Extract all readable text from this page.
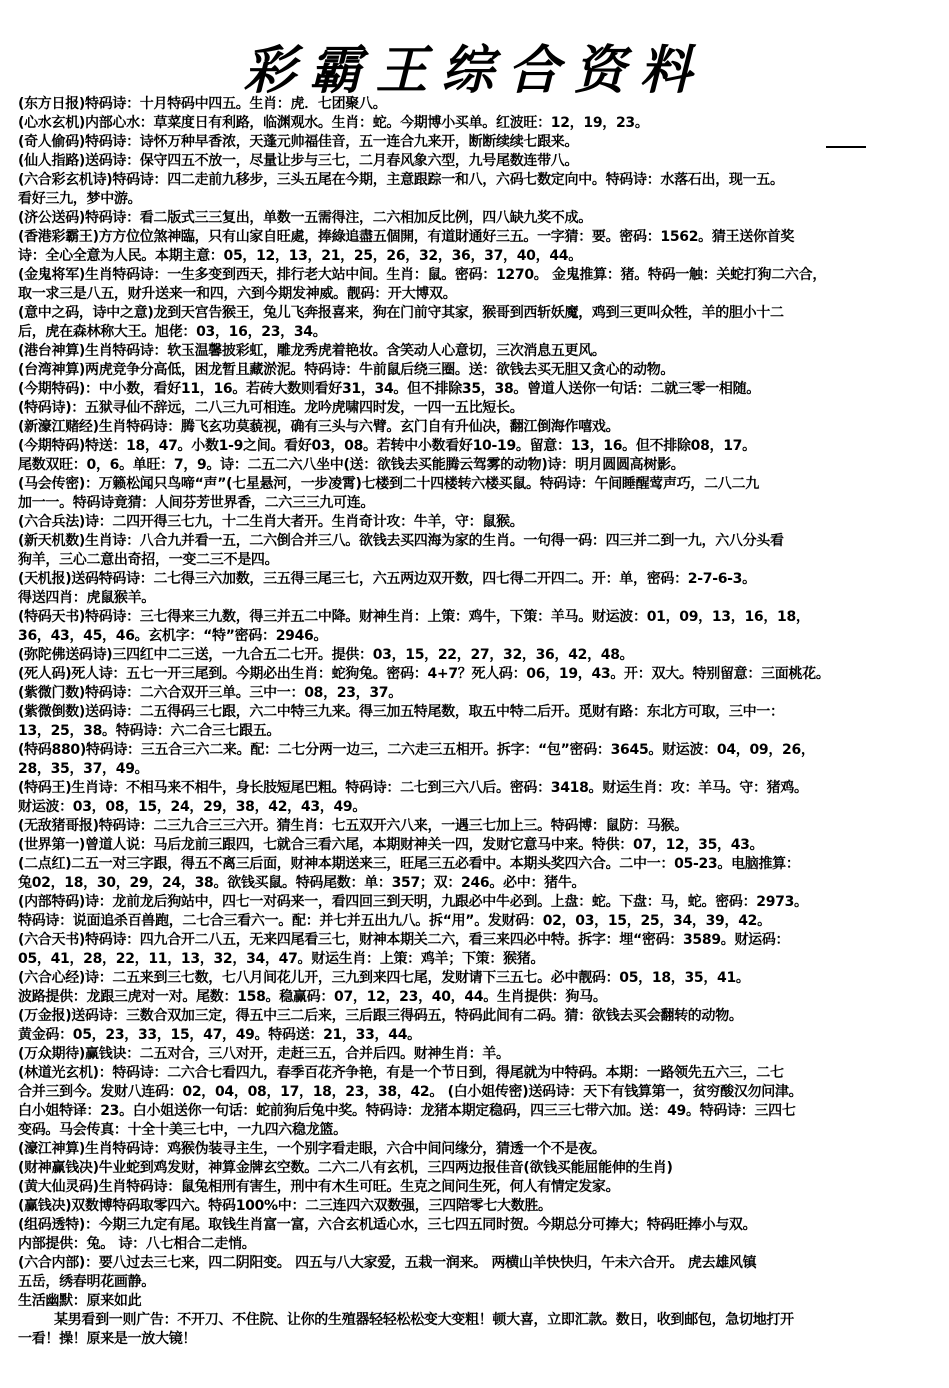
彩霸王综合资料
(东方日报)特码诗：十月特码中四五。生肖：虎．七团聚八。
(心水玄机)内部心水：草菜度日有利路，临渊观水。生肖：蛇。今期博小买单。红波旺：12，19，23。
(奇人偷码)特码诗：诗怀万种早香浓，天蓬元帅福佳音，五一连合九来开，断断续续七跟来。
(仙人指路)送码诗：保守四五不放一，尽量让步与三七，二月春风象六型，九号尾数连带八。
(六合彩玄机诗)特码诗：四二走前九移步，三头五尾在今期，主意跟踪一和八，六码七数定向中。特码诗：水落石出，现一五。
看好三九，梦中游。
(济公送码)特码诗：看二版式三三复出，单数一五需得注，二六相加反比例，四八缺九奖不成。
(香港彩霸王)方方位位煞神臨，只有山家自旺處，捧綠追盡五個開，有道財通好三五。一字猜：要。密码：1562。猜王送你首奖
诗：全心全意为人民。本期主意：05，12，13，21，25，26，32，36，37，40，44。
(金鬼将军)生肖特码诗：一生多变到西天，排行老大站中间。生肖：鼠。密码：1270。 金鬼推算：猪。特码一触：关蛇打狗二六合，
取一求三是八五，财升送来一和四，六到今期发神威。靓码：开大博双。
(意中之码，诗中之意)龙到天宫告猴王，兔儿飞奔报喜来，狗在门前守其家，猴哥到西斩妖魔，鸡到三更叫众牲，羊的胆小十二
后，虎在森林称大王。旭佬：03，16，23，34。
(港台神算)生肖特码诗：软玉温馨披彩虹，雕龙秀虎着艳妆。含笑动人心意切，三次消息五更风。
(台湾神算)两虎竞争分高低，困龙暂且藏淤泥。特码诗：牛前鼠后绕三圈。送：欲钱去买无胆又贪心的动物。
(今期特码)：中小数，看好11，16。若砖大数则看好31，34。但不排除35，38。曾道人送你一句话：二就三零一相随。
(特码诗)：五狱寻仙不辞远，二八三九可相连。龙吟虎啸四时发，一四一五比短长。
(新濠江赌经)生肖特码诗：腾飞玄功莫藐视，确有三头与六臂。玄门自有升仙决，翻江倒海作嘻戏。
(今期特码)特送：18，47。小数1-9之间。看好03，08。若转中小数看好10-19。留意：13，16。但不排除08，17。
尾数双旺：0，6。单旺：7，9。诗：二五二六八坐中(送：欲钱去买能腾云驾雾的动物)诗：明月圆圆高树影。
(马会传密)：万籁松闻只鸟啼“声”(七星悬河，一步凌霄)七楼到二十四楼转六楼买鼠。特码诗：午间睡醒莺声巧，二八二九
加一一。特码诗竟猜：人间芬芳世界香，二六三三九可连。
(六合兵法)诗：二四开得三七九，十二生肖大者开。生肖奇计攻：牛羊，守：鼠猴。
(新天机数)生肖诗：八合九并看一五，二六倒合并三八。欲钱去买四海为家的生肖。一句得一码：四三并二到一九，六八分头看
狗羊，三心二意出奇招，一变二三不是四。
(天机报)送码特码诗：二七得三六加数，三五得三尾三七，六五两边双开数，四七得二开四二。开：单，密码：2-7-6-3。
得送四肖：虎鼠猴羊。
(特码天书)特码诗：三七得来三九数，得三并五二中降。财神生肖：上策：鸡牛，下策：羊马。财运波：01，09，13，16，18，
36，43，45，46。玄机字：“特”密码：2946。
(弥陀佛送码诗)三四红中二三送，一九合五二七开。提供：03，15，22，27，32，36，42，48。
(死人码)死人诗：五七一开三尾到。今期必出生肖：蛇狗兔。密码：4+7？死人码：06，19，43。开：双大。特别留意：三面桃花。
(紫微门数)特码诗：二六合双开三单。三中一：08，23，37。
(紫微倒数)送码诗：二五得码三七跟，六二中特三九来。得三加五特尾数，取五中特二后开。觅财有路：东北方可取，三中一：
13，25，38。特码诗：六二合三七跟五。
(特码880)特码诗：三五合三六二来。配：二七分两一边三，二六走三五相开。拆字：“包”密码：3645。财运波：04，09，26，
28，35，37，49。
(特码王)生肖诗：不相马来不相牛，身长肢短尾巴粗。特码诗：二七到三六八后。密码：3418。财运生肖：攻：羊马。守：猪鸡。
财运波：03，08，15，24，29，38，42，43，49。
(无敌猪哥报)特码诗：二三九合三三六开。猜生肖：七五双开六八来，一遇三七加上三。特码博：鼠防：马猴。
(世界第一)曾道人说：马后龙前三跟四，七就合三看六尾，本期财神关一四，发财它意马中来。特供：07，12，35，43。
(二点红)二五一对三字跟，得五不离三后面，财神本期送来三，旺尾三五必看中。本期头奖四六合。二中一：05-23。电脑推算：
兔02，18，30，29，24，38。欲钱买鼠。特码尾数：单：357；双：246。必中：猪牛。
(内部特码)诗：龙前龙后狗站中，四七一对码来一，看四回三到天明，九跟必中牛必到。上盘：蛇。下盘：马，蛇。密码：2973。
特码诗：说面追杀百兽跑，二七合三看六一。配：并七并五出九八。拆“用”。发财码：02，03，15，25，34，39，42。
(六合天书)特码诗：四九合开二八五，无来四尾看三七，财神本期关二六，看三来四必中特。拆字：埋“密码：3589。财运码：
05，41，28，22，11，13，32，34，47。财运生肖：上策：鸡羊；下策：猴猪。
(六合心经)诗：二五来到三七数，七八月间花儿开，三九到来四七尾，发财请下三五七。必中靓码：05，18，35，41。
波路提供：龙跟三虎对一对。尾数：158。稳赢码：07，12，23，40，44。生肖提供：狗马。
(万金报)送码诗：三数合双加三定，得五中三二后来，三后跟三得码五，特码此间有二码。猜：欲钱去买会翻转的动物。
黄金码：05，23，33，15，47，49。特码送：21，33，44。
(万众期待)赢钱诀：二五对合，三八对开，走赶三五，合并后四。财神生肖：羊。
(林道光玄机)：特码诗：二六合七看四九，春季百花齐争艳，有是一个节日到，得尾就为中特码。本期：一路领先五六三，二七
合并三到今。发财八连码：02，04，08，17，18，23，38，42。 (白小姐传密)送码诗：天下有钱算第一，贫穷酸汉勿问津。
白小姐特译：23。白小姐送你一句话：蛇前狗后兔中奖。特码诗：龙猪本期定稳码，四三三七带六加。送：49。特码诗：三四七
变码。马会传真：十全十美三七中，一九四六稳龙篮。
(濠江神算)生肖特码诗：鸡猴伪装寻主生，一个别字看走眼，六合中间问缘分，猜透一个不是夜。
(财神赢钱决)牛业蛇到鸡发财，神算金牌玄空数。二六二八有玄机，三四两边报佳音(欲钱买能屈能伸的生肖)
(黄大仙灵码)生肖特码诗：鼠兔相刑有害生，刑中有木生可旺。生克之间问生死，何人有情定发家。
(赢钱决)双数博特码取零四六。特码100%中：二三连四六双数强，三四陪零七大数胜。
(组码透特)：今期三九定有尾。取钱生肖富一富，六合玄机适心水，三七四五同时贺。今期总分可捧大；特码旺捧小与双。
内部提供：兔。 诗：八七相合二走悄。
(六合内部)：要八过去三七来，四二阴阳变。 四五与八大家爱，五栽一润来。 两横山羊快快归，午未六合开。 虎去雄风镇
五岳，绣春明花画静。
生活幽默：原来如此
某男看到一则广告：不开刀、不住院、让你的生殖器轻轻松松变大变粗！顿大喜，立即汇款。数日，收到邮包，急切地打开
一看！操！原来是一放大镜！
